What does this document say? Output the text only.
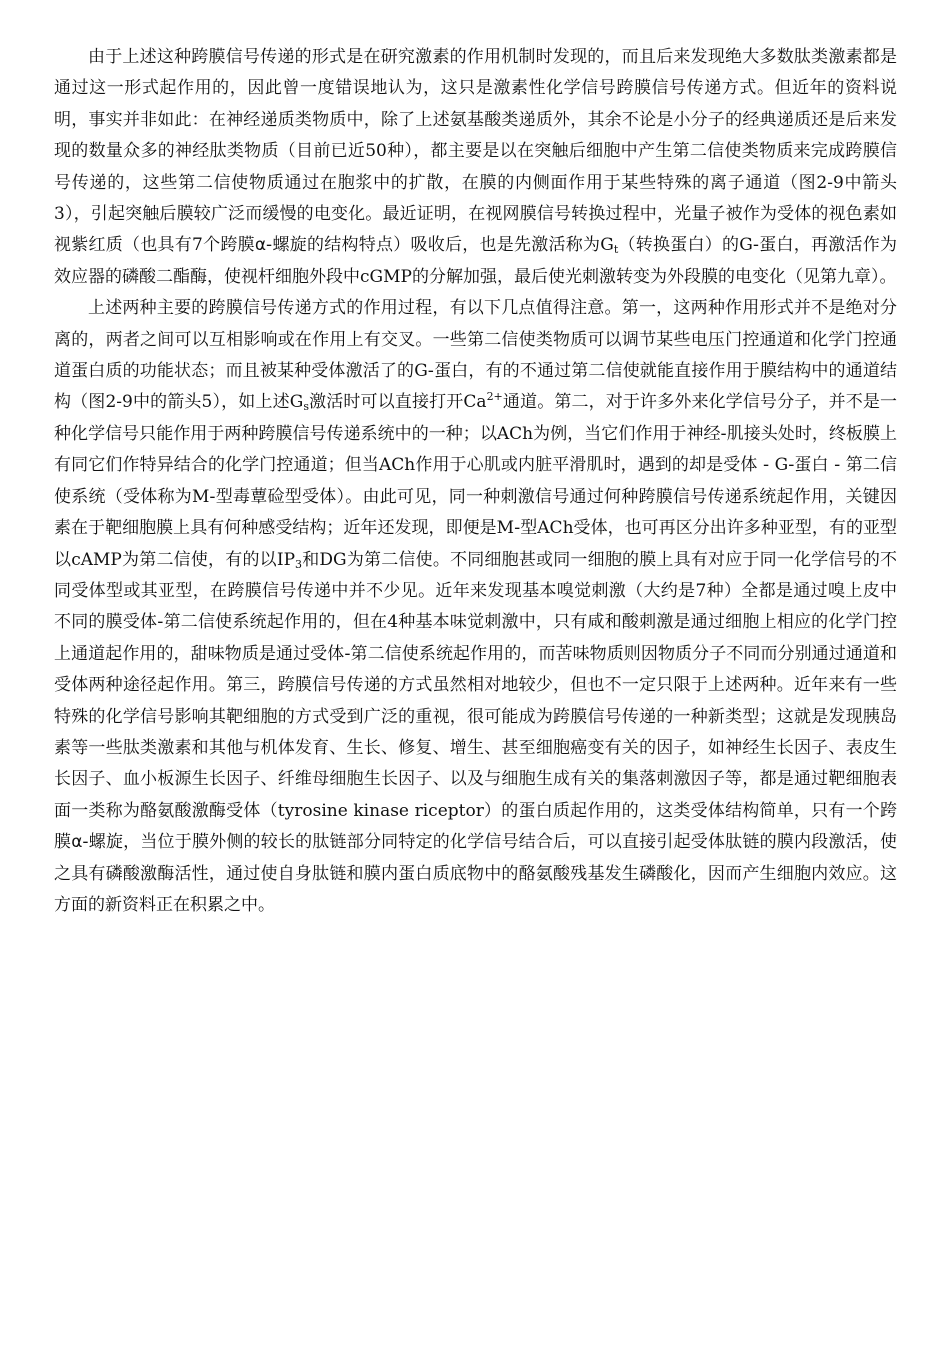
由于上述这种跨膜信号传递的形式是在研究激素的作用机制时发现的，而且后来发现绝大多数肽类激素都是通过这一形式起作用的，因此曾一度错误地认为，这只是激素性化学信号跨膜信号传递方式。但近年的资料说明，事实并非如此：在神经递质类物质中，除了上述氨基酸类递质外，其余不论是小分子的经典递质还是后来发现的数量众多的神经肽类物质（目前已近50种），都主要是以在突触后细胞中产生第二信使类物质来完成跨膜信号传递的，这些第二信使物质通过在胞浆中的扩散，在膜的内侧面作用于某些特殊的离子通道（图2-9中箭头3），引起突触后膜较广泛而缓慢的电变化。最近证明，在视网膜信号转换过程中，光量子被作为受体的视色素如视紫红质（也具有7个跨膜α-螺旋的结构特点）吸收后，也是先激活称为$G_t$（转换蛋白）的G-蛋白，再激活作为效应器的磷酸二酯酶，使视杆细胞外段中cGMP的分解加强，最后使光刺激转变为外段膜的电变化（见第九章）。

上述两种主要的跨膜信号传递方式的作用过程，有以下几点值得注意。第一，这两种作用形式并不是绝对分离的，两者之间可以互相影响或在作用上有交叉。一些第二信使类物质可以调节某些电压门控通道和化学门控通道蛋白质的功能状态；而且被某种受体激活了的G-蛋白，有的不通过第二信使就能直接作用于膜结构中的通道结构（图2-9中的箭头5），如上述$G_s$激活时可以直接打开$Ca^{2+}$通道。第二，对于许多外来化学信号分子，并不是一种化学信号只能作用于两种跨膜信号传递系统中的一种；以ACh为例，当它们作用于神经-肌接头处时，终板膜上有同它们作特异结合的化学门控通道；但当ACh作用于心肌或内脏平滑肌时，遇到的却是受体 - G-蛋白 - 第二信使系统（受体称为M-型毒蕈硷型受体）。由此可见，同一种刺激信号通过何种跨膜信号传递系统起作用，关键因素在于靶细胞膜上具有何种感受结构；近年还发现，即便是M-型ACh受体，也可再区分出许多种亚型，有的亚型以cAMP为第二信使，有的以$IP_3$和DG为第二信使。不同细胞甚或同一细胞的膜上具有对应于同一化学信号的不同受体型或其亚型，在跨膜信号传递中并不少见。近年来发现基本嗅觉刺激（大约是7种）全都是通过嗅上皮中不同的膜受体-第二信使系统起作用的，但在4种基本味觉刺激中，只有咸和酸刺激是通过细胞上相应的化学门控上通道起作用的，甜味物质是通过受体-第二信使系统起作用的，而苦味物质则因物质分子不同而分别通过通道和受体两种途径起作用。第三，跨膜信号传递的方式虽然相对地较少，但也不一定只限于上述两种。近年来有一些特殊的化学信号影响其靶细胞的方式受到广泛的重视，很可能成为跨膜信号传递的一种新类型；这就是发现胰岛素等一些肽类激素和其他与机体发育、生长、修复、增生、甚至细胞癌变有关的因子，如神经生长因子、表皮生长因子、血小板源生长因子、纤维母细胞生长因子、以及与细胞生成有关的集落刺激因子等，都是通过靶细胞表面一类称为酪氨酸激酶受体（tyrosine kinase riceptor）的蛋白质起作用的，这类受体结构简单，只有一个跨膜α-螺旋，当位于膜外侧的较长的肽链部分同特定的化学信号结合后，可以直接引起受体肽链的膜内段激活，使之具有磷酸激酶活性，通过使自身肽链和膜内蛋白质底物中的酪氨酸残基发生磷酸化，因而产生细胞内效应。这方面的新资料正在积累之中。
